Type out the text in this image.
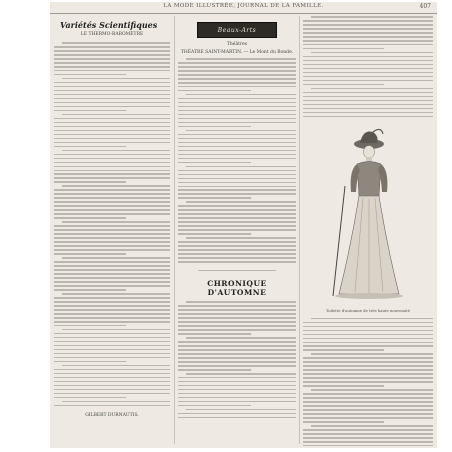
LA MODE ILLUSTRÉE, JOURNAL DE LA FAMILLE.	407
Variétés Scientifiques
LE THERMO-BAROMÈTRE
GILBERT DURNAUTIS.
Beaux-Arts
Théâtres
THÉATRE SAINT-MARTIN. — Le Mont du Bonde.
CHRONIQUE D'AUTOMNE
Toilette d'automne de très haute nouveauté
